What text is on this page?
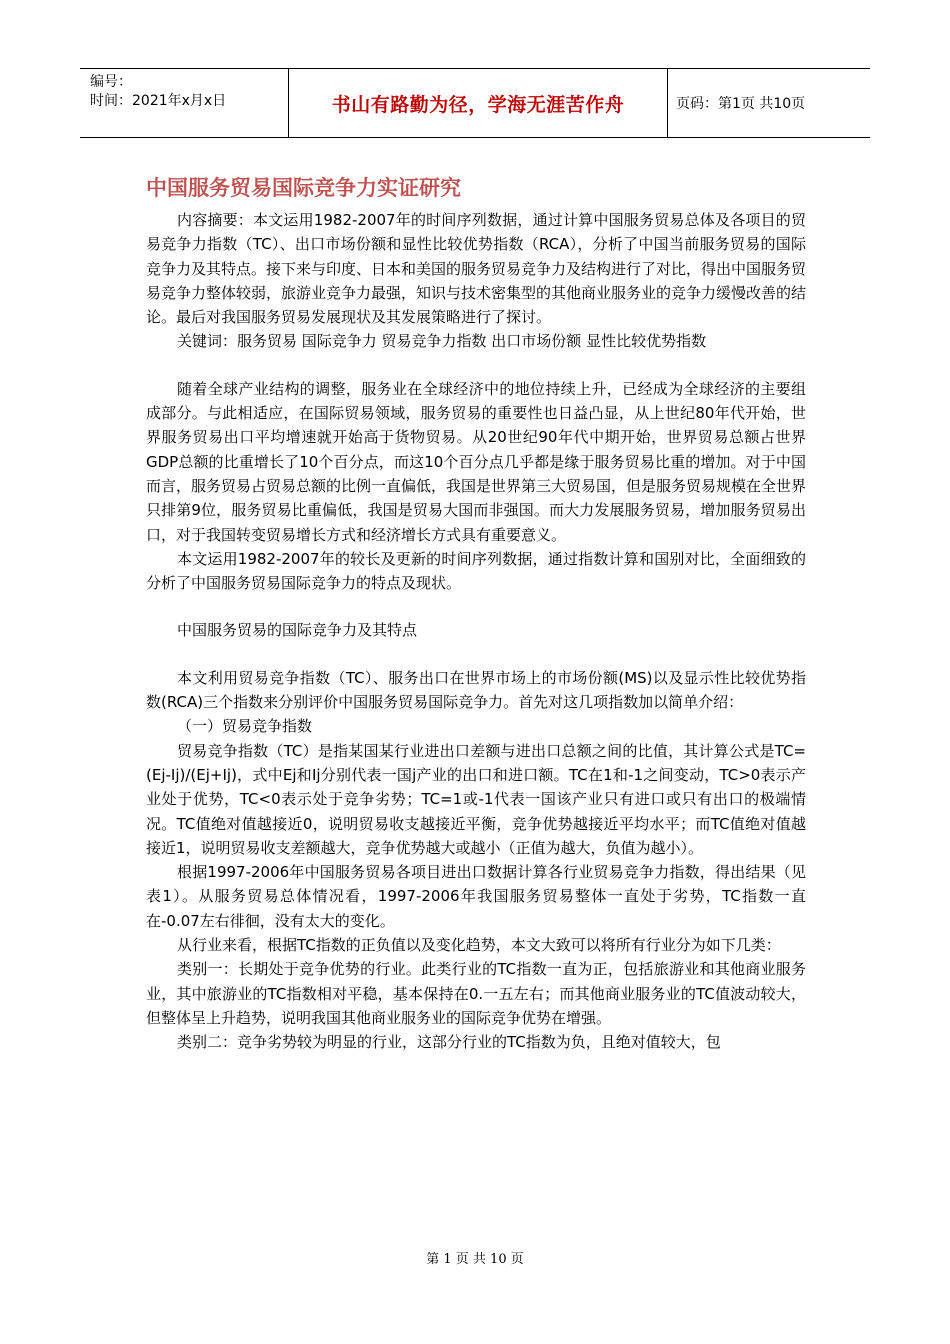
编号：
时间：2021年x月x日	书山有路勤为径，学海无涯苦作舟	页码：第1页 共10页
中国服务贸易国际竞争力实证研究

内容摘要：本文运用1982-2007年的时间序列数据，通过计算中国服务贸易总体及各项目的贸易竞争力指数（TC）、出口市场份额和显性比较优势指数（RCA），分析了中国当前服务贸易的国际竞争力及其特点。接下来与印度、日本和美国的服务贸易竞争力及结构进行了对比，得出中国服务贸易竞争力整体较弱，旅游业竞争力最强，知识与技术密集型的其他商业服务业的竞争力缓慢改善的结论。最后对我国服务贸易发展现状及其发展策略进行了探讨。

关键词：服务贸易 国际竞争力 贸易竞争力指数 出口市场份额 显性比较优势指数

随着全球产业结构的调整，服务业在全球经济中的地位持续上升，已经成为全球经济的主要组成部分。与此相适应，在国际贸易领域，服务贸易的重要性也日益凸显，从上世纪80年代开始，世界服务贸易出口平均增速就开始高于货物贸易。从20世纪90年代中期开始，世界贸易总额占世界GDP总额的比重增长了10个百分点，而这10个百分点几乎都是缘于服务贸易比重的增加。对于中国而言，服务贸易占贸易总额的比例一直偏低，我国是世界第三大贸易国，但是服务贸易规模在全世界只排第9位，服务贸易比重偏低，我国是贸易大国而非强国。而大力发展服务贸易，增加服务贸易出口，对于我国转变贸易增长方式和经济增长方式具有重要意义。

本文运用1982-2007年的较长及更新的时间序列数据，通过指数计算和国别对比，全面细致的分析了中国服务贸易国际竞争力的特点及现状。

中国服务贸易的国际竞争力及其特点

本文利用贸易竞争指数（TC）、服务出口在世界市场上的市场份额(MS)以及显示性比较优势指数(RCA)三个指数来分别评价中国服务贸易国际竞争力。首先对这几项指数加以简单介绍：

（一）贸易竞争指数

贸易竞争指数（TC）是指某国某行业进出口差额与进出口总额之间的比值，其计算公式是TC=(Ej-Ij)/(Ej+Ij)，式中Ej和Ij分别代表一国j产业的出口和进口额。TC在1和-1之间变动，TC>0表示产业处于优势，TC<0表示处于竞争劣势；TC=1或-1代表一国该产业只有进口或只有出口的极端情况。TC值绝对值越接近0，说明贸易收支越接近平衡，竞争优势越接近平均水平；而TC值绝对值越接近1，说明贸易收支差额越大，竞争优势越大或越小（正值为越大，负值为越小）。

根据1997-2006年中国服务贸易各项目进出口数据计算各行业贸易竞争力指数，得出结果（见表1）。从服务贸易总体情况看，1997-2006年我国服务贸易整体一直处于劣势，TC指数一直在-0.07左右徘徊，没有太大的变化。

从行业来看，根据TC指数的正负值以及变化趋势，本文大致可以将所有行业分为如下几类：

类别一：长期处于竞争优势的行业。此类行业的TC指数一直为正，包括旅游业和其他商业服务业，其中旅游业的TC指数相对平稳，基本保持在0.一五左右；而其他商业服务业的TC值波动较大，但整体呈上升趋势，说明我国其他商业服务业的国际竞争优势在增强。

类别二：竞争劣势较为明显的行业，这部分行业的TC指数为负，且绝对值较大，包

第 1 页 共 10 页
